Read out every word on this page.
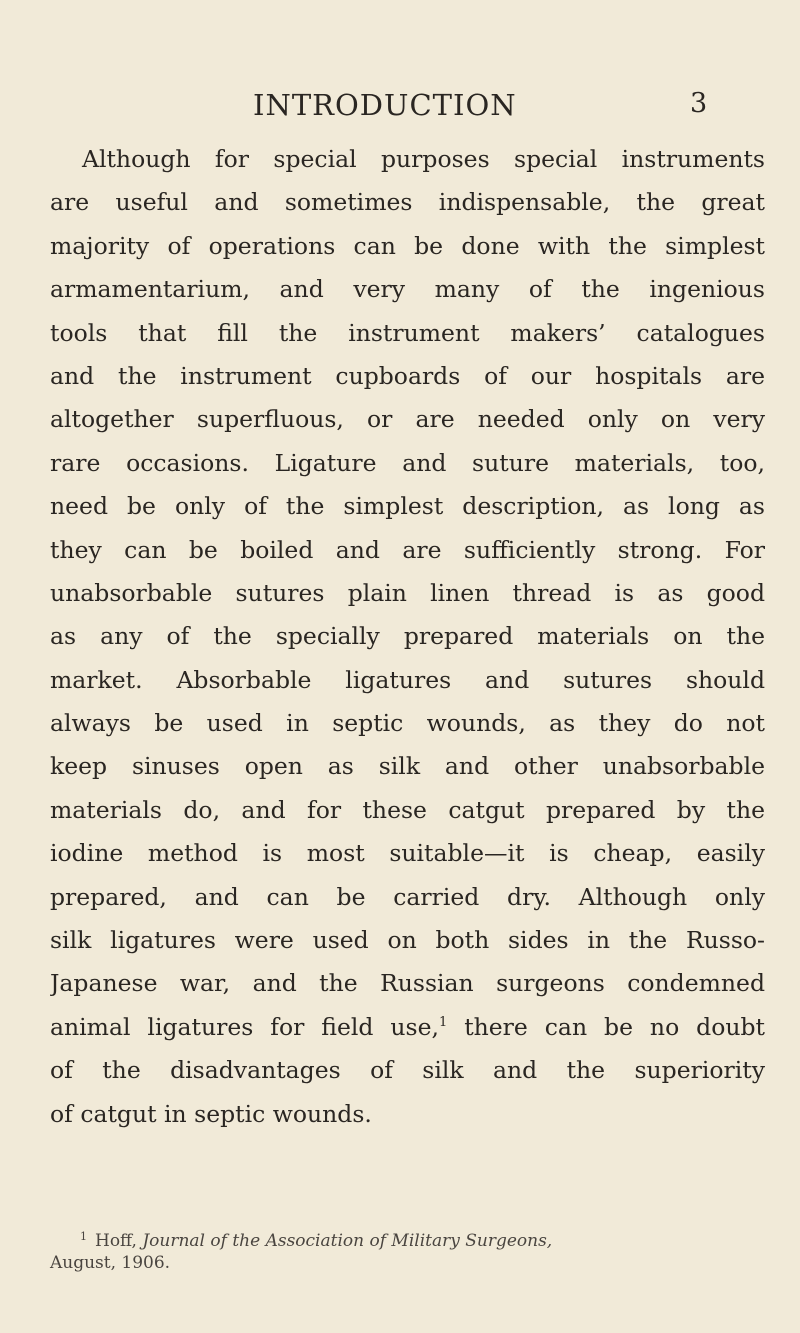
INTRODUCTION	3
Although for special purposes special instruments
are useful and sometimes indispensable, the great
majority of operations can be done with the simplest
armamentarium, and very many of the ingenious
tools that fill the instrument makers’ catalogues
and the instrument cupboards of our hospitals are
altogether superfluous, or are needed only on very
rare occasions. Ligature and suture materials, too,
need be only of the simplest description, as long as
they can be boiled and are sufficiently strong. For
unabsorbable sutures plain linen thread is as good
as any of the specially prepared materials on the
market. Absorbable ligatures and sutures should
always be used in septic wounds, as they do not
keep sinuses open as silk and other unabsorbable
materials do, and for these catgut prepared by the
iodine method is most suitable—it is cheap, easily
prepared, and can be carried dry. Although only
silk ligatures were used on both sides in the Russo-
Japanese war, and the Russian surgeons condemned
animal ligatures for field use,$^1$ there can be no doubt
of the disadvantages of silk and the superiority
of catgut in septic wounds.
$^1$ Hoff, Journal of the Association of Military Surgeons,
August, 1906.
